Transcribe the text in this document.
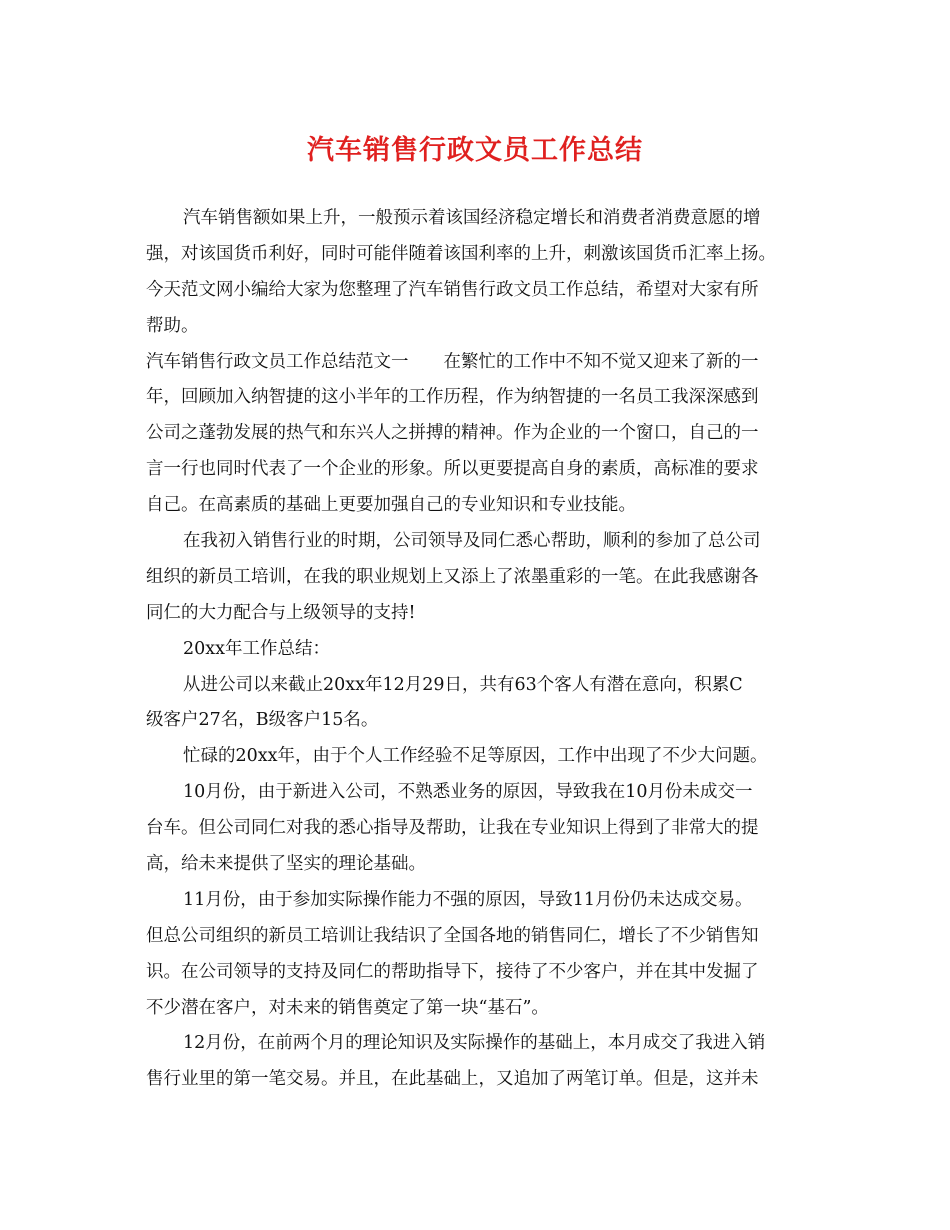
汽车销售行政文员工作总结
汽车销售额如果上升，一般预示着该国经济稳定增长和消费者消费意愿的增
强，对该国货币利好，同时可能伴随着该国利率的上升，刺激该国货币汇率上扬。
今天范文网小编给大家为您整理了汽车销售行政文员工作总结，希望对大家有所
帮助。
汽车销售行政文员工作总结范文一　　在繁忙的工作中不知不觉又迎来了新的一
年，回顾加入纳智捷的这小半年的工作历程，作为纳智捷的一名员工我深深感到
公司之蓬勃发展的热气和东兴人之拼搏的精神。作为企业的一个窗口，自己的一
言一行也同时代表了一个企业的形象。所以更要提高自身的素质，高标准的要求
自己。在高素质的基础上更要加强自己的专业知识和专业技能。
在我初入销售行业的时期，公司领导及同仁悉心帮助，顺利的参加了总公司
组织的新员工培训，在我的职业规划上又添上了浓墨重彩的一笔。在此我感谢各
同仁的大力配合与上级领导的支持!
20xx年工作总结：
从进公司以来截止20xx年12月29日，共有63个客人有潜在意向，积累C
级客户27名，B级客户15名。
忙碌的20xx年，由于个人工作经验不足等原因，工作中出现了不少大问题。
10月份，由于新进入公司，不熟悉业务的原因，导致我在10月份未成交一
台车。但公司同仁对我的悉心指导及帮助，让我在专业知识上得到了非常大的提
高，给未来提供了坚实的理论基础。
11月份，由于参加实际操作能力不强的原因，导致11月份仍未达成交易。
但总公司组织的新员工培训让我结识了全国各地的销售同仁，增长了不少销售知
识。在公司领导的支持及同仁的帮助指导下，接待了不少客户，并在其中发掘了
不少潜在客户，对未来的销售奠定了第一块“基石”。
12月份，在前两个月的理论知识及实际操作的基础上，本月成交了我进入销
售行业里的第一笔交易。并且，在此基础上，又追加了两笔订单。但是，这并未
